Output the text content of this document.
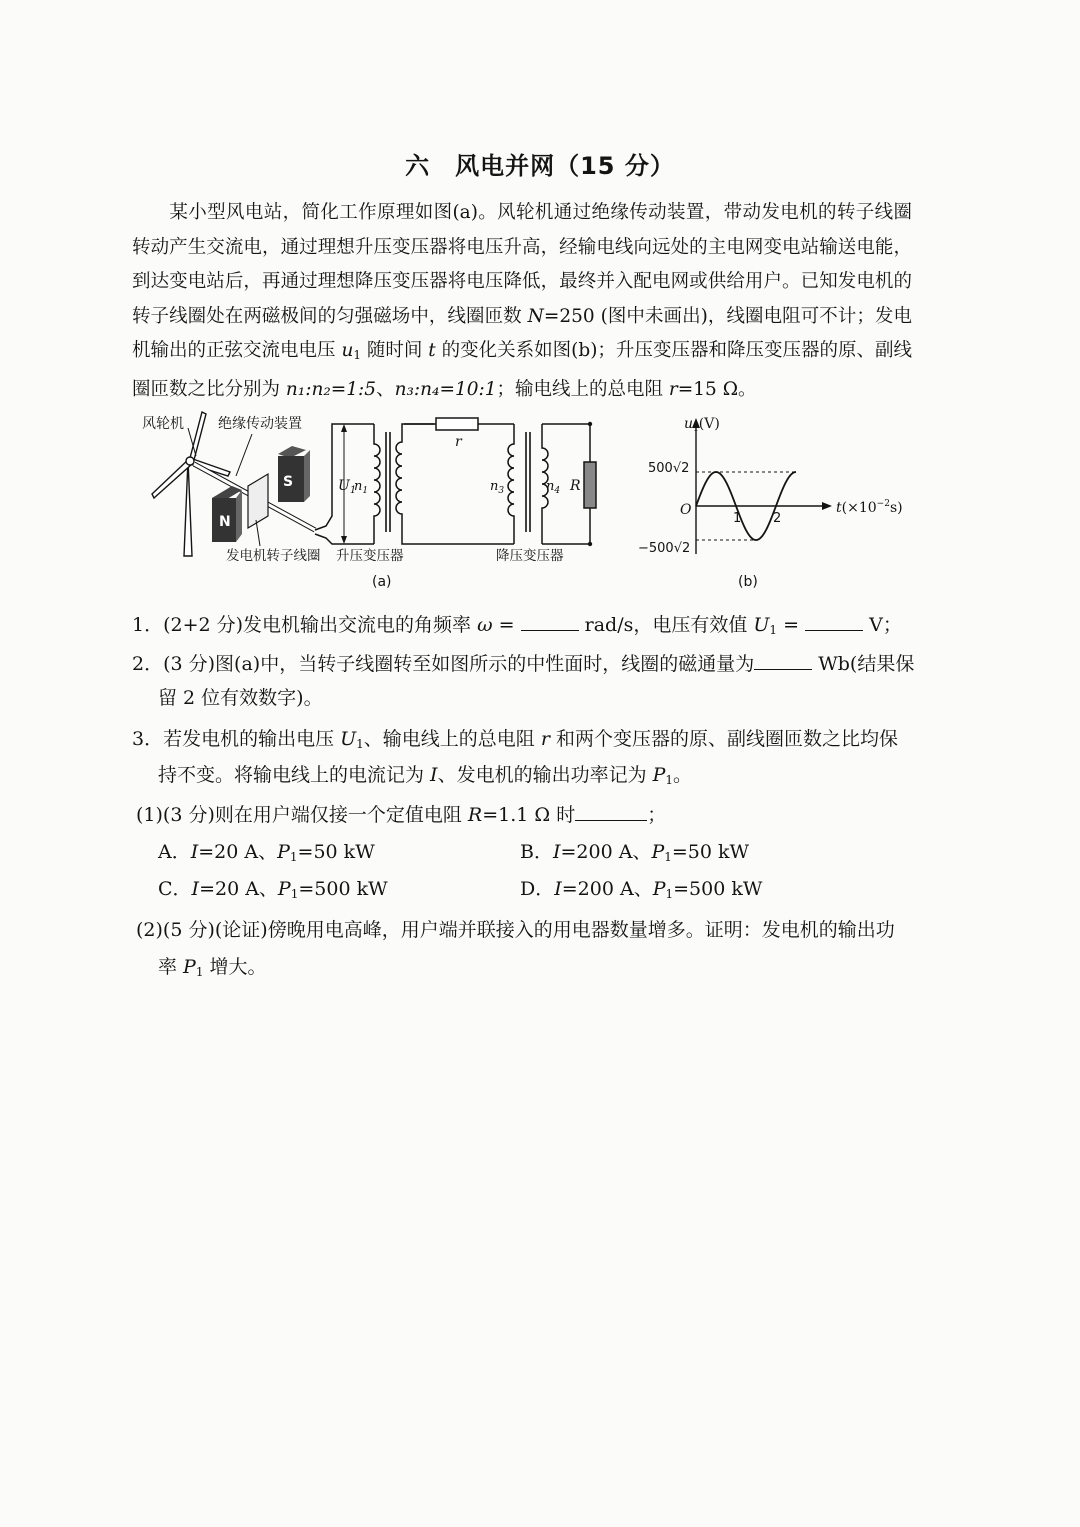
六　风电并网（15 分）

某小型风电站，简化工作原理如图(a)。风轮机通过绝缘传动装置，带动发电机的转子线圈转动产生交流电，通过理想升压变压器将电压升高，经输电线向远处的主电网变电站输送电能，到达变电站后，再通过理想降压变压器将电压降低，最终并入配电网或供给用户。已知发电机的转子线圈处在两磁极间的匀强磁场中，线圈匝数 N=250 (图中未画出)，线圈电阻可不计；发电机输出的正弦交流电电压 $u_1$ 随时间 t 的变化关系如图(b)；升压变压器和降压变压器的原、副线圈匝数之比分别为 n₁:n₂=1:5、n₃:n₄=10:1；输电线上的总电阻 r=15 Ω。

风轮机 绝缘传动装置
N
S
发电机转子线圈
$U_1$
$n_1$
r
$n_3$	$n_4$ R
升压变压器	降压变压器
(a)
$u_1(V)$
$t(\times 10^{-2}s)$
O
500√2
−500√2
1 2
(b)
1．(2+2 分)发电机输出交流电的角频率 ω =	rad/s，电压有效值 $U_1$ =	V；
2．(3 分)图(a)中，当转子线圈转至如图所示的中性面时，线圈的磁通量为	Wb(结果保
留 2 位有效数字)。
3．若发电机的输出电压 $U_1$、输电线上的总电阻 r 和两个变压器的原、副线圈匝数之比均保
持不变。将输电线上的电流记为 I、发电机的输出功率记为 $P_1$。
(1)(3 分)则在用户端仅接一个定值电阻 R=1.1 Ω 时	；
A．I=20 A、$P_1=50$ kW	B．I=200 A、$P_1=50$ kW
C．I=20 A、$P_1=500$ kW	D．I=200 A、$P_1=500$ kW
(2)(5 分)(论证)傍晚用电高峰，用户端并联接入的用电器数量增多。证明：发电机的输出功
率 $P_1$ 增大。
